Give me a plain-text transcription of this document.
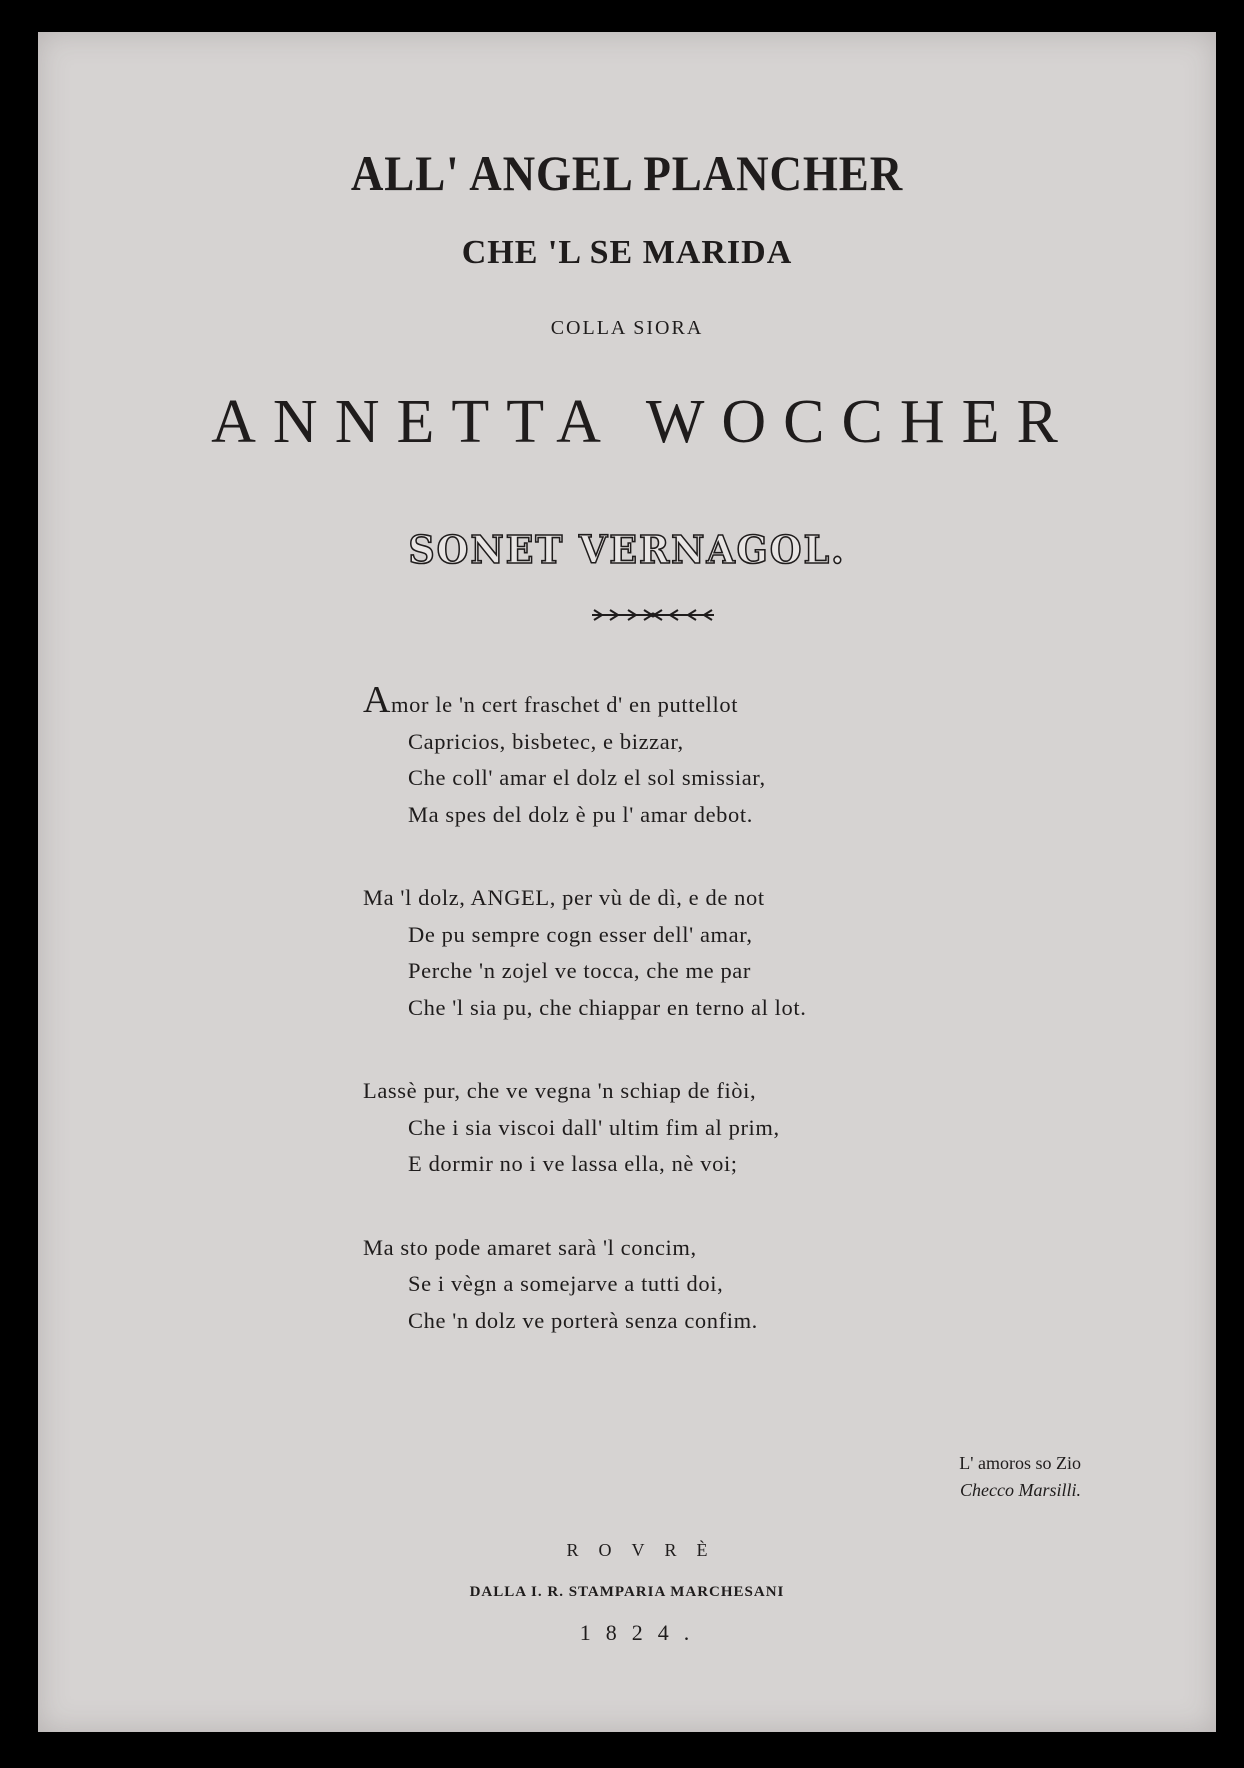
ALL' ANGEL PLANCHER
CHE 'L SE MARIDA

COLLA SIORA

ANNETTA WOCCHER

SONET VERNAGOL.

Amor le 'n cert fraschet d' en puttellot
Capricios, bisbetec, e bizzar,
Che coll' amar el dolz el sol smissiar,
Ma spes del dolz è pu l' amar debot.
Ma 'l dolz, ANGEL, per vù de dì, e de not
De pu sempre cogn esser dell' amar,
Perche 'n zojel ve tocca, che me par
Che 'l sia pu, che chiappar en terno al lot.
Lassè pur, che ve vegna 'n schiap de fiòi,
Che i sia viscoi dall' ultim fim al prim,
E dormir no i ve lassa ella, nè voi;
Ma sto pode amaret sarà 'l concim,
Se i vègn a somejarve a tutti doi,
Che 'n dolz ve porterà senza confim.
L' amoros so Zio
Checco Marsilli.

ROVRÈ

DALLA I. R. STAMPARIA MARCHESANI

1824.
